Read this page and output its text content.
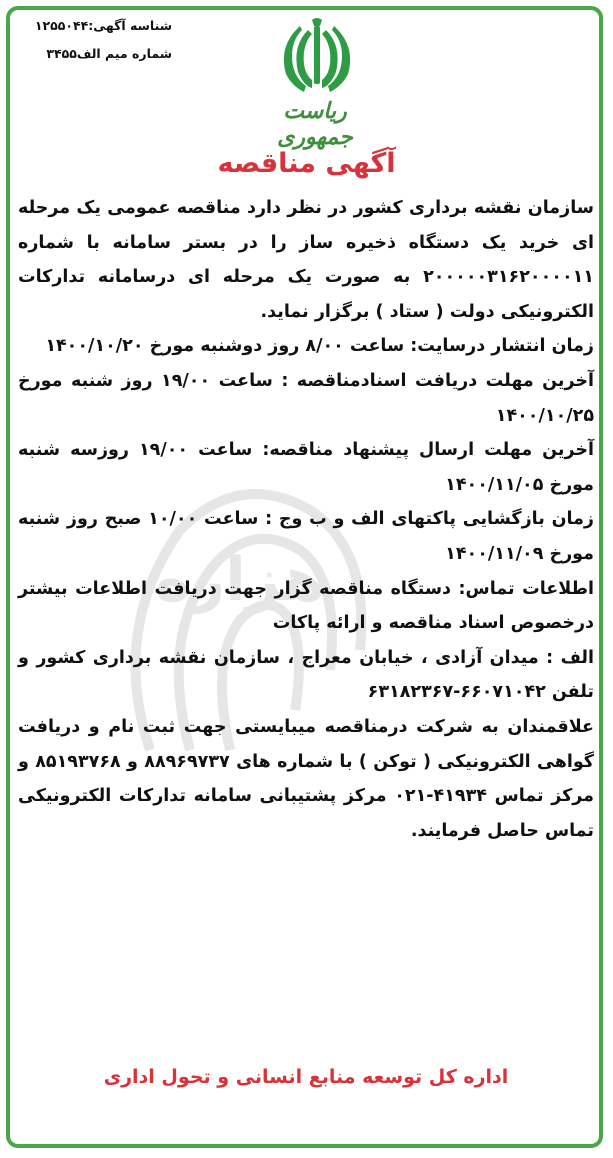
شناسه آگهی:۱۲۵۵۰۴۴
شماره میم الف۳۴۵۵
ریاست جمهوری
آگهی مناقصه
هزاره

سازمان نقشه برداری کشور در نظر دارد مناقصه عمومی یک مرحله ای خرید یک دستگاه ذخیره ساز را در بستر سامانه با شماره ۲۰۰۰۰۰۳۱۶۲۰۰۰۰۱۱ به صورت یک مرحله ای درسامانه تدارکات الکترونیکی دولت ( ستاد ) برگزار نماید.

زمان انتشار درسایت: ساعت ۸/۰۰ روز دوشنبه مورخ ۱۴۰۰/۱۰/۲۰

آخرین مهلت دریافت اسنادمناقصه : ساعت ۱۹/۰۰ روز شنبه مورخ ۱۴۰۰/۱۰/۲۵

آخرین مهلت ارسال پیشنهاد مناقصه: ساعت ۱۹/۰۰ روزسه شنبه مورخ ۱۴۰۰/۱۱/۰۵

زمان بازگشایی پاکتهای الف و ب وج : ساعت ۱۰/۰۰ صبح روز شنبه مورخ ۱۴۰۰/۱۱/۰۹

اطلاعات تماس: دستگاه مناقصه گزار جهت دریافت اطلاعات بیشتر درخصوص اسناد مناقصه و ارائه پاکات

الف : میدان آزادی ، خیابان معراج ، سازمان نقشه برداری کشور و تلفن ۶۶۰۷۱۰۴۲-۶۳۱۸۲۳۶۷

علاقمندان به شرکت درمناقصه میبایستی جهت ثبت نام و دریافت گواهی الکترونیکی ( توکن ) با شماره های ۸۸۹۶۹۷۳۷ و ۸۵۱۹۳۷۶۸ و مرکز تماس ۴۱۹۳۴-۰۲۱ مرکز پشتیبانی سامانه تدارکات الکترونیکی تماس حاصل فرمایند.

اداره کل توسعه منابع انسانی و تحول اداری
